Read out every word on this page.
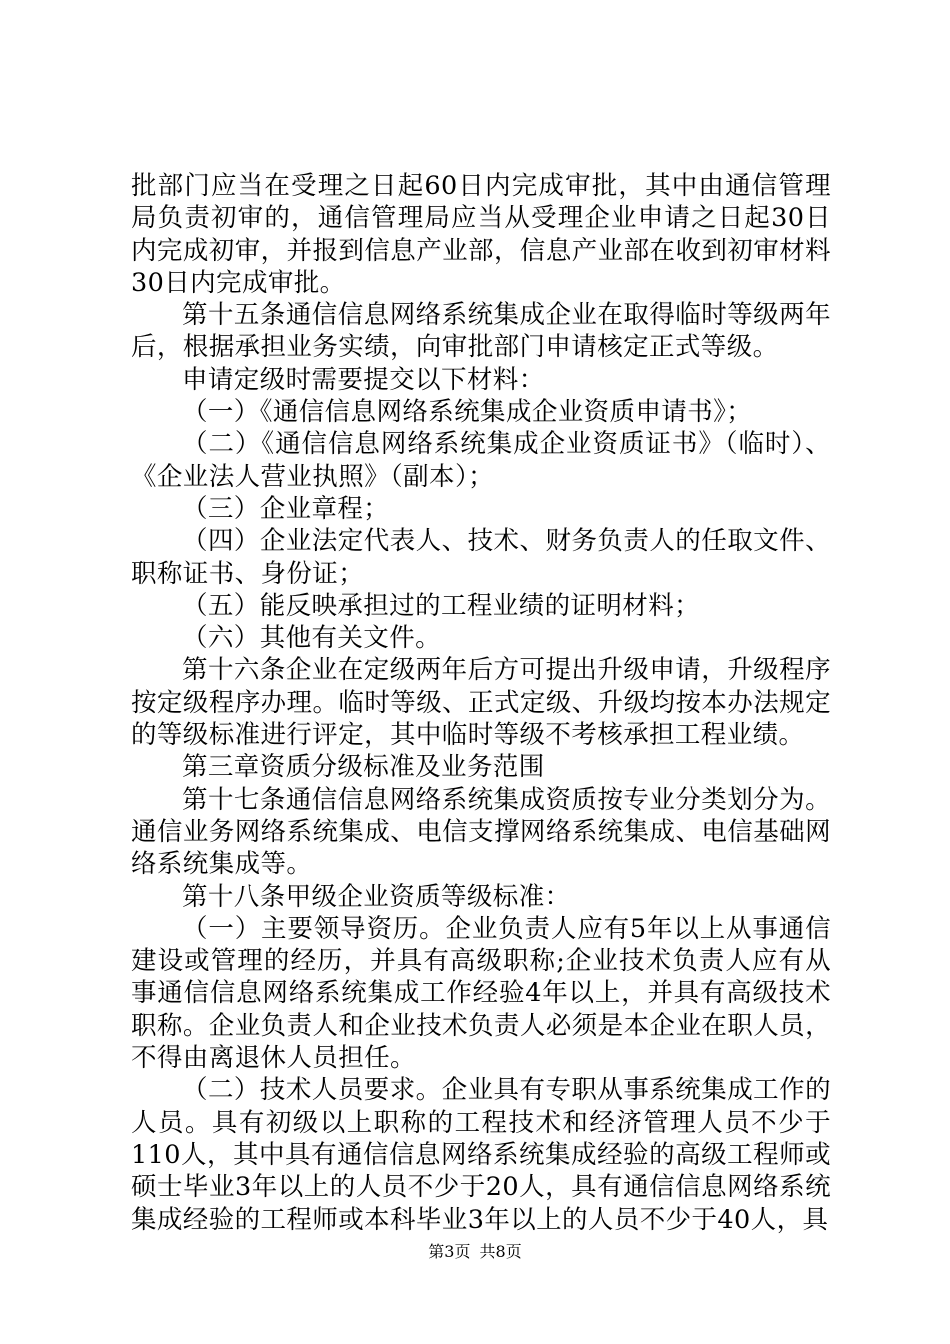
批部门应当在受理之日起60日内完成审批，其中由通信管理局负责初审的，通信管理局应当从受理企业申请之日起30日内完成初审，并报到信息产业部，信息产业部在收到初审材料30日内完成审批。

第十五条通信信息网络系统集成企业在取得临时等级两年后，根据承担业务实绩，向审批部门申请核定正式等级。

申请定级时需要提交以下材料：

（一）《通信信息网络系统集成企业资质申请书》；

（二）《通信信息网络系统集成企业资质证书》（临时）、《企业法人营业执照》（副本）；

（三）企业章程；

（四）企业法定代表人、技术、财务负责人的任取文件、职称证书、身份证；

（五）能反映承担过的工程业绩的证明材料；

（六）其他有关文件。

第十六条企业在定级两年后方可提出升级申请，升级程序按定级程序办理。临时等级、正式定级、升级均按本办法规定的等级标准进行评定，其中临时等级不考核承担工程业绩。

第三章资质分级标准及业务范围

第十七条通信信息网络系统集成资质按专业分类划分为。通信业务网络系统集成、电信支撑网络系统集成、电信基础网络系统集成等。

第十八条甲级企业资质等级标准：

（一）主要领导资历。企业负责人应有5年以上从事通信建设或管理的经历，并具有高级职称;企业技术负责人应有从事通信信息网络系统集成工作经验4年以上，并具有高级技术职称。企业负责人和企业技术负责人必须是本企业在职人员，不得由离退休人员担任。

（二）技术人员要求。企业具有专职从事系统集成工作的人员。具有初级以上职称的工程技术和经济管理人员不少于110人，其中具有通信信息网络系统集成经验的高级工程师或硕士毕业3年以上的人员不少于20人，具有通信信息网络系统集成经验的工程师或本科毕业3年以上的人员不少于40人，具

第3页 共8页
